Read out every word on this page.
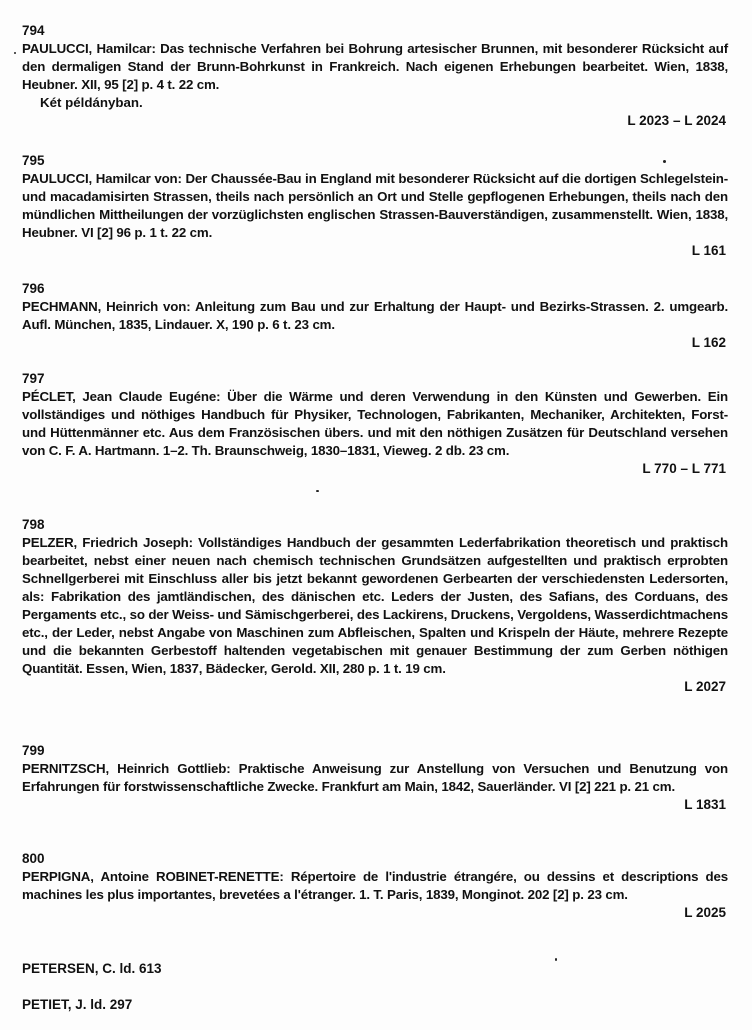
794

PAULUCCI, Hamilcar: Das technische Verfahren bei Bohrung artesischer Brunnen, mit besonderer Rücksicht auf den dermaligen Stand der Brunn-Bohrkunst in Frankreich. Nach eigenen Erhebungen bearbeitet. Wien, 1838, Heubner. XII, 95 [2] p. 4 t. 22 cm.

Két példányban.

L 2023 – L 2024
795

PAULUCCI, Hamilcar von: Der Chaussée-Bau in England mit besonderer Rücksicht auf die dortigen Schlegelstein- und macadamisirten Strassen, theils nach persönlich an Ort und Stelle gepflogenen Erhebungen, theils nach den mündlichen Mittheilungen der vorzüglichsten englischen Strassen-Bauverständigen, zusammenstellt. Wien, 1838, Heubner. VI [2] 96 p. 1 t. 22 cm.

L 161
796

PECHMANN, Heinrich von: Anleitung zum Bau und zur Erhaltung der Haupt- und Bezirks-Strassen. 2. umgearb. Aufl. München, 1835, Lindauer. X, 190 p. 6 t. 23 cm.

L 162
797

PÉCLET, Jean Claude Eugéne: Über die Wärme und deren Verwendung in den Künsten und Gewerben. Ein vollständiges und nöthiges Handbuch für Physiker, Technologen, Fabrikanten, Mechaniker, Architekten, Forst- und Hüttenmänner etc. Aus dem Französischen übers. und mit den nöthigen Zusätzen für Deutschland versehen von C. F. A. Hartmann. 1–2. Th. Braunschweig, 1830–1831, Vieweg. 2 db. 23 cm.

L 770 – L 771
798

PELZER, Friedrich Joseph: Vollständiges Handbuch der gesammten Lederfabrikation theoretisch und praktisch bearbeitet, nebst einer neuen nach chemisch technischen Grundsätzen aufgestellten und praktisch erprobten Schnellgerberei mit Einschluss aller bis jetzt bekannt gewordenen Gerbearten der verschiedensten Ledersorten, als: Fabrikation des jamtländischen, des dänischen etc. Leders der Justen, des Safians, des Corduans, des Pergaments etc., so der Weiss- und Sämischgerberei, des Lackirens, Druckens, Vergoldens, Wasserdichtmachens etc., der Leder, nebst Angabe von Maschinen zum Abfleischen, Spalten und Krispeln der Häute, mehrere Rezepte und die bekannten Gerbestoff haltenden vegetabischen mit genauer Bestimmung der zum Gerben nöthigen Quantität. Essen, Wien, 1837, Bädecker, Gerold. XII, 280 p. 1 t. 19 cm.

L 2027
799

PERNITZSCH, Heinrich Gottlieb: Praktische Anweisung zur Anstellung von Versuchen und Benutzung von Erfahrungen für forstwissenschaftliche Zwecke. Frankfurt am Main, 1842, Sauerländer. VI [2] 221 p. 21 cm.

L 1831
800

PERPIGNA, Antoine ROBINET-RENETTE: Répertoire de l'industrie étrangére, ou dessins et descriptions des machines les plus importantes, brevetées a l'étranger. 1. T. Paris, 1839, Monginot. 202 [2] p. 23 cm.

L 2025
PETERSEN, C. ld. 613
PETIET, J. ld. 297
